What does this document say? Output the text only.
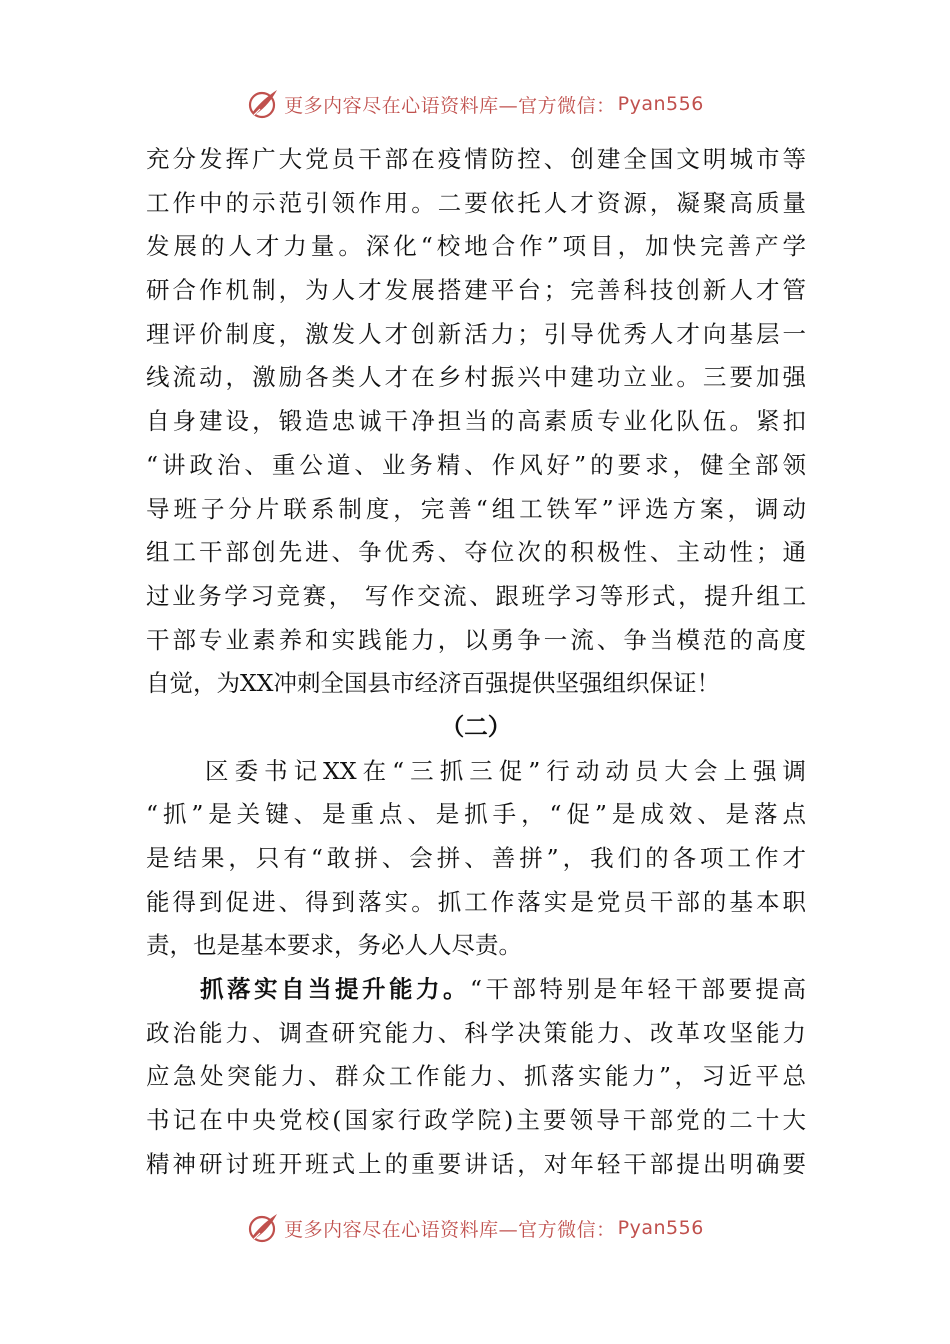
更多内容尽在心语资料库—官方微信： Pyan556
充分发挥广大党员干部在疫情防控、创建全国文明城市等
工作中的示范引领作用。二要依托人才资源，凝聚高质量
发展的人才力量。深化“校地合作”项目，加快完善产学
研合作机制，为人才发展搭建平台；完善科技创新人才管
理评价制度，激发人才创新活力；引导优秀人才向基层一
线流动，激励各类人才在乡村振兴中建功立业。三要加强
自身建设，锻造忠诚干净担当的高素质专业化队伍。紧扣
“讲政治、重公道、业务精、作风好”的要求，健全部领
导班子分片联系制度，完善“组工铁军”评选方案，调动
组工干部创先进、争优秀、夺位次的积极性、主动性；通
过业务学习竞赛， 写作交流、跟班学习等形式，提升组工
干部专业素养和实践能力，以勇争一流、争当模范的高度
自觉，为XX冲刺全国县市经济百强提供坚强组织保证！
（二）
　　区委书记XX在“三抓三促”行动动员大会上强调
“抓”是关键、是重点、是抓手，“促”是成效、是落点
是结果，只有“敢拼、会拼、善拼”，我们的各项工作才
能得到促进、得到落实。抓工作落实是党员干部的基本职
责，也是基本要求，务必人人尽责。
　　抓落实自当提升能力。“干部特别是年轻干部要提高
政治能力、调查研究能力、科学决策能力、改革攻坚能力
应急处突能力、群众工作能力、抓落实能力”，习近平总
书记在中央党校(国家行政学院)主要领导干部党的二十大
精神研讨班开班式上的重要讲话，对年轻干部提出明确要
更多内容尽在心语资料库—官方微信： Pyan556
